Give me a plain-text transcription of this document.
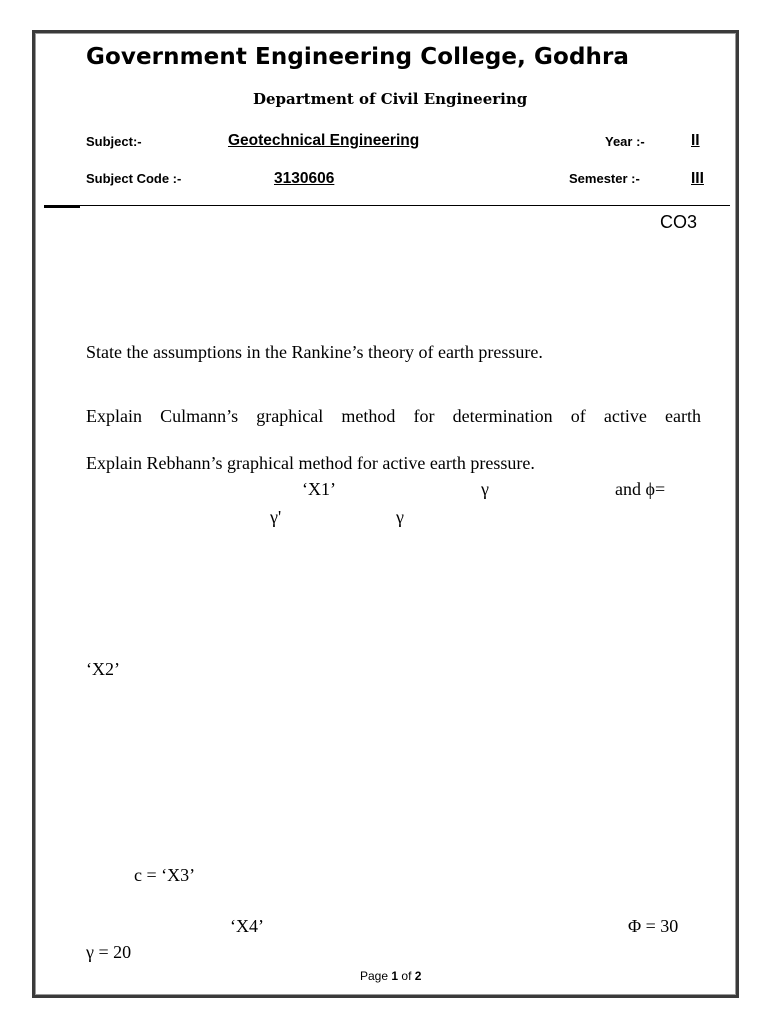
Government Engineering College, Godhra
Department of Civil Engineering
Subject:-	Geotechnical Engineering	Year :-	II
Subject Code :-	3130606	Semester :-	III
CO3
State the assumptions in the Rankine’s theory of earth pressure.
Explain Culmann’s graphical method for determination of active earth
Explain Rebhann’s graphical method for active earth pressure.
‘X1’	γ	and ϕ=
γ'	γ
‘X2’
c = ‘X3’
‘X4’	Φ = 30
γ = 20
Page 1 of 2
